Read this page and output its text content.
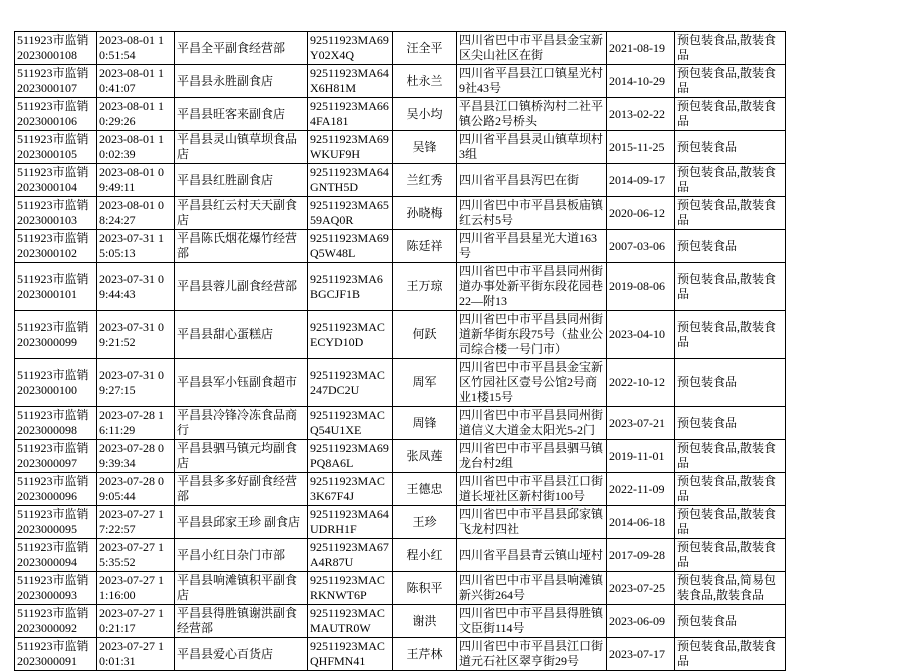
511923市监销2023000108	2023-08-01 10:51:54	平昌全平副食经营部	92511923MA69Y02X4Q	汪全平	四川省巴中市平昌县金宝新区尖山社区在街	2021-08-19	预包装食品,散装食品
511923市监销2023000107	2023-08-01 10:41:07	平昌县永胜副食店	92511923MA64X6H81M	杜永兰	四川省平昌县江口镇星光村9社43号	2014-10-29	预包装食品,散装食品
511923市监销2023000106	2023-08-01 10:29:26	平昌县旺客来副食店	92511923MA664FA181	吴小均	平昌县江口镇桥沟村二社平镇公路2号桥头	2013-02-22	预包装食品,散装食品
511923市监销2023000105	2023-08-01 10:02:39	平昌县灵山镇草坝食品店	92511923MA69WKUF9H	吴锋	四川省平昌县灵山镇草坝村3组	2015-11-25	预包装食品
511923市监销2023000104	2023-08-01 09:49:11	平昌县红胜副食店	92511923MA64GNTH5D	兰红秀	四川省平昌县泻巴在街	2014-09-17	预包装食品,散装食品
511923市监销2023000103	2023-08-01 08:24:27	平昌县红云村天天副食店	92511923MA6559AQ0R	孙晓梅	四川省巴中市平昌县板庙镇红云村5号	2020-06-12	预包装食品,散装食品
511923市监销2023000102	2023-07-31 15:05:13	平昌陈氏烟花爆竹经营部	92511923MA69Q5W48L	陈廷祥	四川省平昌县星光大道163号	2007-03-06	预包装食品
511923市监销2023000101	2023-07-31 09:44:43	平昌县蓉儿副食经营部	92511923MA6BGCJF1B	王万琼	四川省巴中市平昌县同州街道办事处新平街东段花园巷22—附13	2019-08-06	预包装食品,散装食品
511923市监销2023000099	2023-07-31 09:21:52	平昌县甜心蛋糕店	92511923MACECYD10D	何跃	四川省巴中市平昌县同州街道新华街东段75号（盐业公司综合楼一号门市）	2023-04-10	预包装食品,散装食品
511923市监销2023000100	2023-07-31 09:27:15	平昌县军小钰副食超市	92511923MAC247DC2U	周军	四川省巴中市平昌县金宝新区竹园社区壹号公馆2号商业1楼15号	2022-10-12	预包装食品
511923市监销2023000098	2023-07-28 16:11:29	平昌县冷锋冷冻食品商行	92511923MACQ54U1XE	周锋	四川省巴中市平昌县同州街道信义大道金太阳光5-2门	2023-07-21	预包装食品
511923市监销2023000097	2023-07-28 09:39:34	平昌县驷马镇元均副食店	92511923MA69PQ8A6L	张凤莲	四川省巴中市平昌县驷马镇龙台村2组	2019-11-01	预包装食品,散装食品
511923市监销2023000096	2023-07-28 09:05:44	平昌县多多好副食经营部	92511923MAC3K67F4J	王德忠	四川省巴中市平昌县江口街道长垭社区新村街100号	2022-11-09	预包装食品,散装食品
511923市监销2023000095	2023-07-27 17:22:57	平昌县邱家王珍 副食店	92511923MA64UDRH1F	王珍	四川省巴中市平昌县邱家镇飞龙村四社	2014-06-18	预包装食品,散装食品
511923市监销2023000094	2023-07-27 15:35:52	平昌小红日杂门市部	92511923MA67A4R87U	程小红	四川省平昌县青云镇山垭村	2017-09-28	预包装食品,散装食品
511923市监销2023000093	2023-07-27 11:16:00	平昌县响滩镇积平副食店	92511923MACRKNWT6P	陈积平	四川省巴中市平昌县响滩镇新兴街264号	2023-07-25	预包装食品,简易包装食品,散装食品
511923市监销2023000092	2023-07-27 10:21:17	平昌县得胜镇谢洪副食经营部	92511923MACMAUTR0W	谢洪	四川省巴中市平昌县得胜镇文臣街114号	2023-06-09	预包装食品
511923市监销2023000091	2023-07-27 10:01:31	平昌县爱心百货店	92511923MACQHFMN41	王芹林	四川省巴中市平昌县江口街道元石社区翠亨街29号	2023-07-17	预包装食品,散装食品
